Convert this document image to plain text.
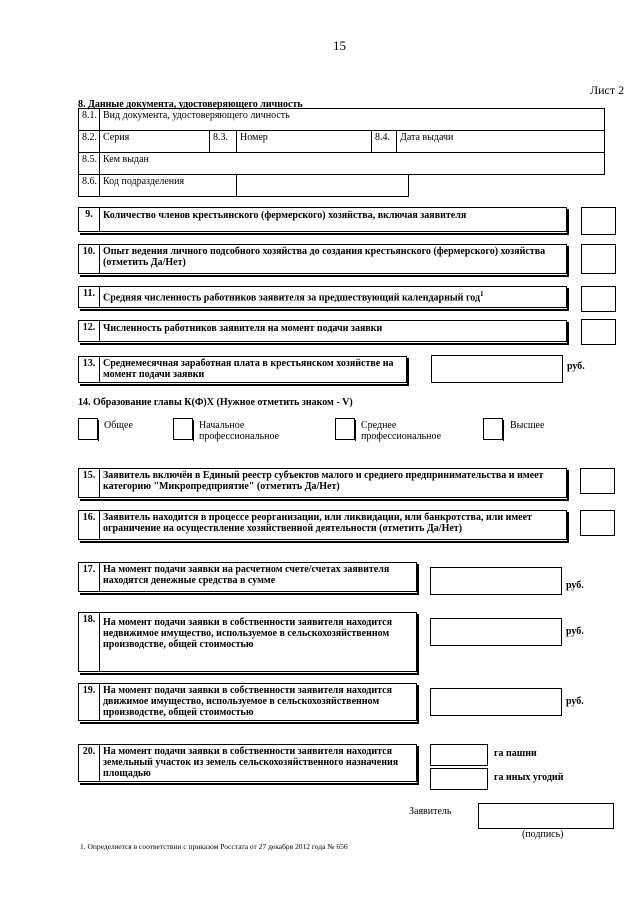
15
Лист 2
8. Данные документа, удостоверяющего личность
8.1. Вид документа, удостоверяющего личность
8.2. Серия	8.3.	Номер	8.4.	Дата выдачи
8.5. Кем выдан
8.6. Код подразделения
9.	Количество членов крестьянского (фермерского) хозяйства, включая заявителя
10. Опыт ведения личного подсобного хозяйства до создания крестьянского (фермерского) хозяйства (отметить Да/Нет)
11. Средняя численность работников заявителя за предшествующий календарный год$^1$
12. Численность работников заявителя на момент подачи заявки
13. Среднемесячная заработная плата в крестьянском хозяйстве на момент подачи заявки
руб.
14. Образование главы К(Ф)Х (Нужное отметить знаком - V)
Общее	Начальное профессиональное
Среднее профессиональное
Высшее
15. Заявитель включён в Единый реестр субъектов малого и среднего предпринимательства и имеет категорию "Микропредприятие" (отметить Да/Нет)
16. Заявитель находится в процессе реорганизации, или ликвидации, или банкротства, или имеет ограничение на осуществление хозяйственной деятельности (отметить Да/Нет)
17. На момент подачи заявки на расчетном счете/счетах заявителя находятся денежные средства в сумме	руб.
18. На момент подачи заявки в собственности заявителя находится недвижимое имущество, используемое в сельскохозяйственном производстве, общей стоимостью
руб.
19. На момент подачи заявки в собственности заявителя находится движимое имущество, используемое в сельскохозяйственном производстве, общей стоимостью
руб.
20. На момент подачи заявки в собственности заявителя находится земельный участок из земель сельскохозяйственного назначения площадью
га пашни
га иных угодий
Заявитель
(подпись)
1. Определяется в соответствии с приказом Росстата от 27 декабря 2012 года № 656
